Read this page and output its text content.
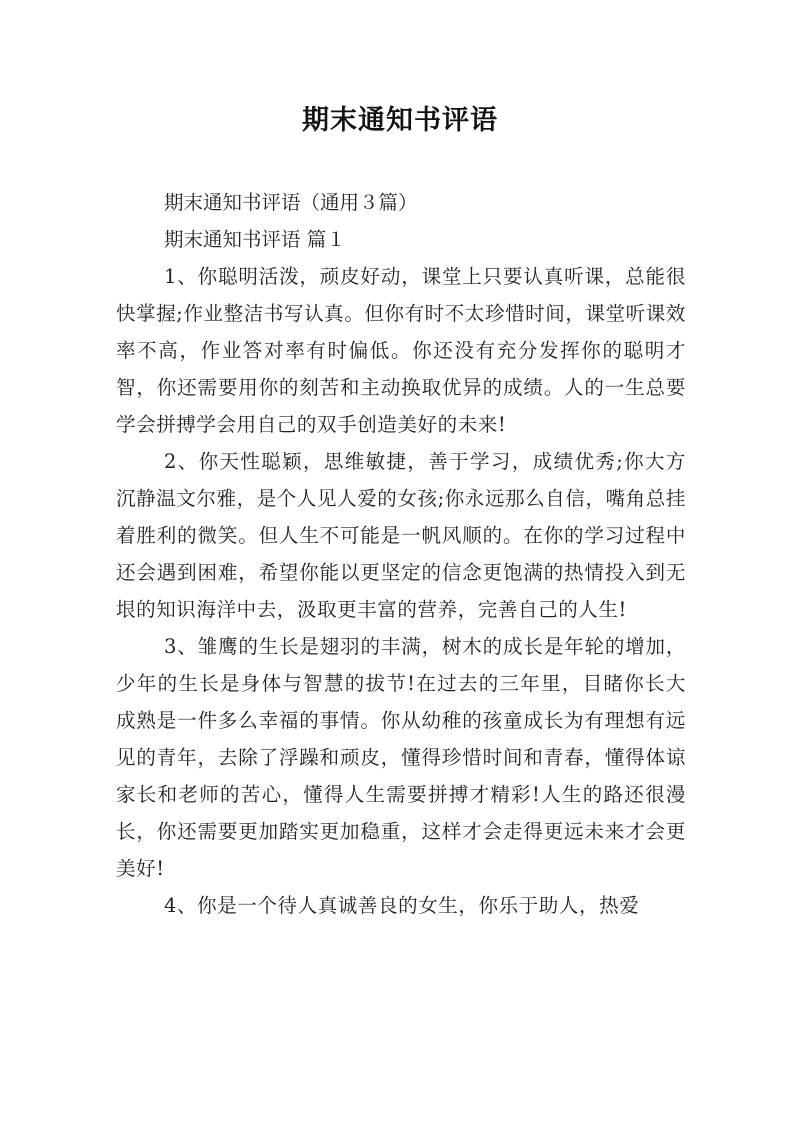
期末通知书评语

期末通知书评语（通用３篇）

期末通知书评语 篇１

1、你聪明活泼，顽皮好动，课堂上只要认真听课，总能很快掌握;作业整洁书写认真。但你有时不太珍惜时间，课堂听课效率不高，作业答对率有时偏低。你还没有充分发挥你的聪明才智，你还需要用你的刻苦和主动换取优异的成绩。人的一生总要学会拼搏学会用自己的双手创造美好的未来!

2、你天性聪颖，思维敏捷，善于学习，成绩优秀;你大方沉静温文尔雅，是个人见人爱的女孩;你永远那么自信，嘴角总挂着胜利的微笑。但人生不可能是一帆风顺的。在你的学习过程中还会遇到困难，希望你能以更坚定的信念更饱满的热情投入到无垠的知识海洋中去，汲取更丰富的营养，完善自己的人生!

3、雏鹰的生长是翅羽的丰满，树木的成长是年轮的增加，少年的生长是身体与智慧的拔节!在过去的三年里，目睹你长大成熟是一件多么幸福的事情。你从幼稚的孩童成长为有理想有远见的青年，去除了浮躁和顽皮，懂得珍惜时间和青春，懂得体谅家长和老师的苦心，懂得人生需要拼搏才精彩!人生的路还很漫长，你还需要更加踏实更加稳重，这样才会走得更远未来才会更美好!

4、你是一个待人真诚善良的女生，你乐于助人，热爱
